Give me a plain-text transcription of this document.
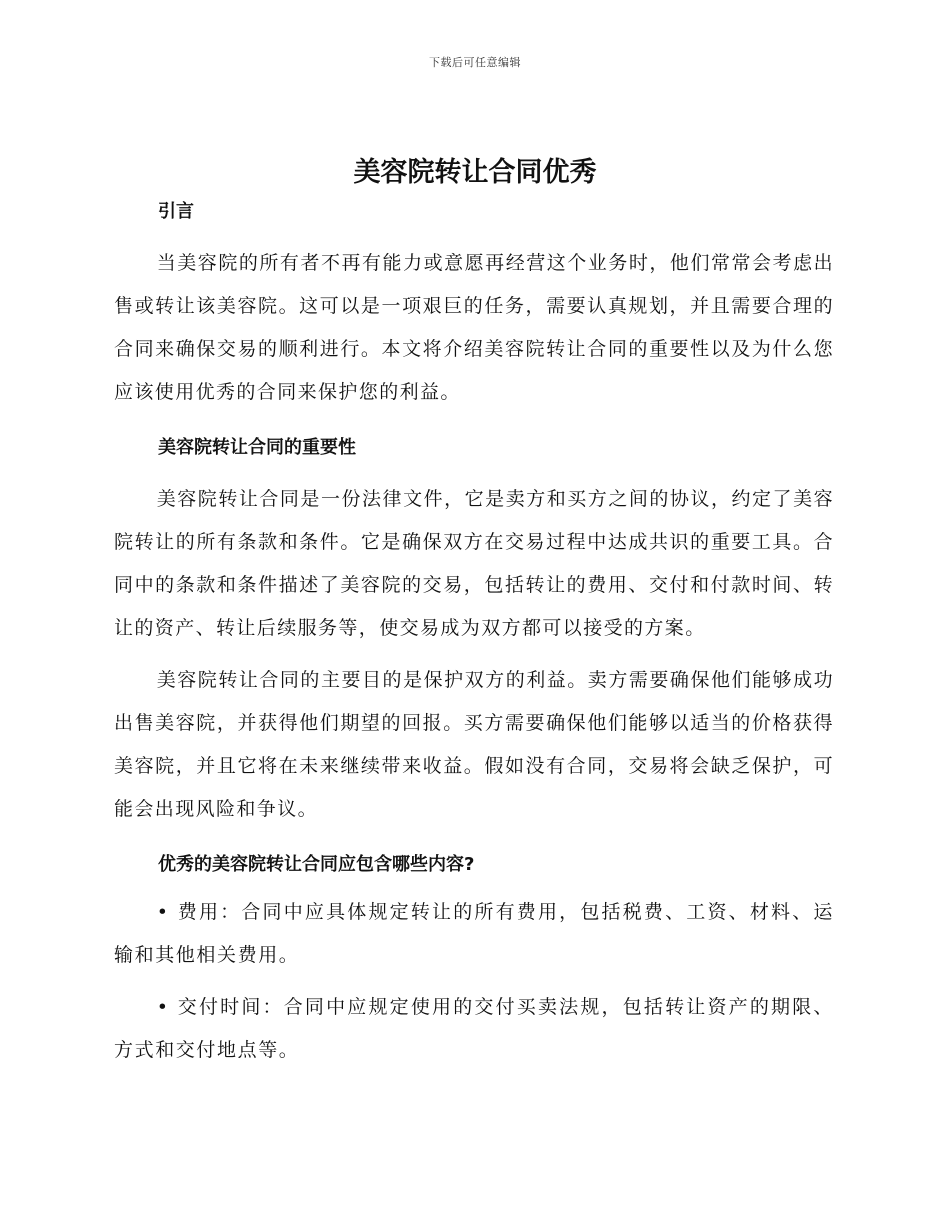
下载后可任意编辑
美容院转让合同优秀

引言

当美容院的所有者不再有能力或意愿再经营这个业务时，他们常常会考虑出售或转让该美容院。这可以是一项艰巨的任务，需要认真规划，并且需要合理的合同来确保交易的顺利进行。本文将介绍美容院转让合同的重要性以及为什么您应该使用优秀的合同来保护您的利益。

美容院转让合同的重要性

美容院转让合同是一份法律文件，它是卖方和买方之间的协议，约定了美容院转让的所有条款和条件。它是确保双方在交易过程中达成共识的重要工具。合同中的条款和条件描述了美容院的交易，包括转让的费用、交付和付款时间、转让的资产、转让后续服务等，使交易成为双方都可以接受的方案。

美容院转让合同的主要目的是保护双方的利益。卖方需要确保他们能够成功出售美容院，并获得他们期望的回报。买方需要确保他们能够以适当的价格获得美容院，并且它将在未来继续带来收益。假如没有合同，交易将会缺乏保护，可能会出现风险和争议。

优秀的美容院转让合同应包含哪些内容?

• 费用：合同中应具体规定转让的所有费用，包括税费、工资、材料、运输和其他相关费用。

• 交付时间：合同中应规定使用的交付买卖法规，包括转让资产的期限、方式和交付地点等。
